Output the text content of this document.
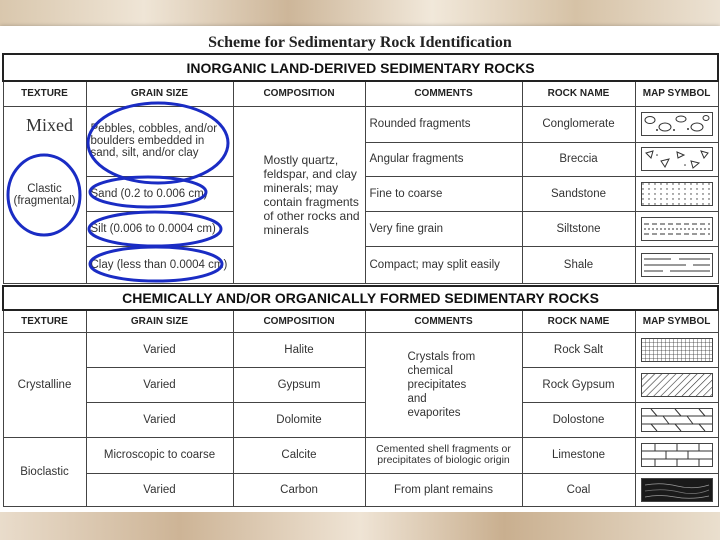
Scheme for Sedimentary Rock Identification
INORGANIC LAND-DERIVED SEDIMENTARY ROCKS					
TEXTURE	GRAIN SIZE	COMPOSITION	COMMENTS	ROCK NAME	MAP SYMBOL
Clastic (fragmental)	Pebbles, cobbles, and/or boulders embedded in sand, silt, and/or clay	Mostly quartz, feldspar, and clay minerals; may contain fragments of other rocks and minerals	Rounded fragments	Conglomerate	

			Angular fragments	Breccia	

	Sand (0.2 to 0.006 cm)		Fine to coarse	Sandstone	

	Silt (0.006 to 0.0004 cm)		Very fine grain	Siltstone	

	Clay (less than 0.0004 cm)		Compact; may split easily	Shale	
CHEMICALLY AND/OR ORGANICALLY FORMED SEDIMENTARY ROCKS					
TEXTURE	GRAIN SIZE	COMPOSITION	COMMENTS	ROCK NAME	MAP SYMBOL
Crystalline	Varied	Halite	Crystals from chemical precipitates and evaporites	Rock Salt	

	Varied	Gypsum		Rock Gypsum	

	Varied	Dolomite		Dolostone	

Bioclastic	Microscopic to coarse	Calcite	Cemented shell fragments or precipitates of biologic origin	Limestone	

	Varied	Carbon	From plant remains	Coal	
Mixed
